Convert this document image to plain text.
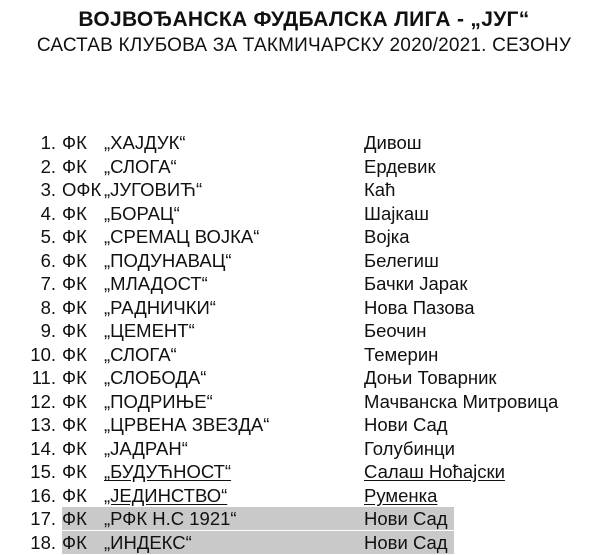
ВОЈВОЂАНСКА ФУДБАЛСКА ЛИГА - „ЈУГ“
САСТАВ КЛУБОВА ЗА ТАКМИЧАРСКУ 2020/2021. СЕЗОНУ
1. ФК „ХАЈДУК“	Дивош
2. ФК „СЛОГА“	Ердевик
3. ОФК „ЈУГОВИЋ“	Каћ
4. ФК „БОРАЦ“	Шајкаш
5. ФК „СРЕМАЦ ВОЈКА“	Војка
6. ФК „ПОДУНАВАЦ“	Белегиш
7. ФК „МЛАДОСТ“	Бачки Јарак
8. ФК „РАДНИЧКИ“	Нова Пазова
9. ФК „ЦЕМЕНТ“	Беочин
10. ФК „СЛОГА“	Темерин
11. ФК „СЛОБОДА“	Доњи Товарник
12. ФК „ПОДРИЊЕ“	Мачванска Митровица
13. ФК „ЦРВЕНА ЗВЕЗДА“	Нови Сад
14. ФК „ЈАДРАН“	Голубинци
15. ФК „БУДУЋНОСТ“	Салаш Ноћајски
16. ФК „ЈЕДИНСТВО“	Руменка
17. ФК „РФК Н.С 1921“	Нови Сад
18. ФК „ИНДЕКС“	Нови Сад
